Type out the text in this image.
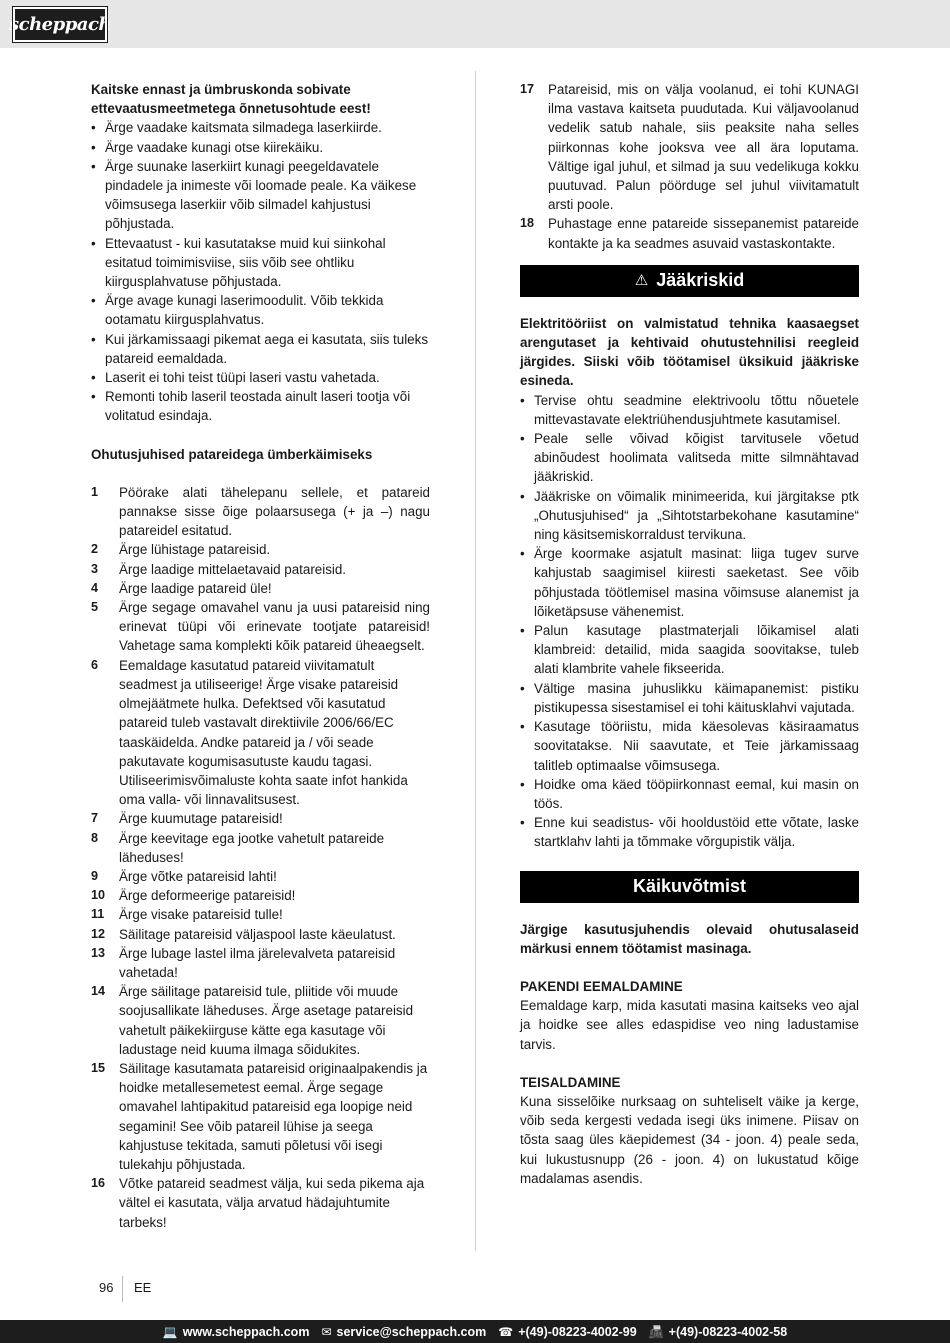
scheppach

Kaitske ennast ja ümbruskonda sobivate ettevaatusmeetmetega õnnetusohtude eest!

• Ärge vaadake kaitsmata silmadega laserkiirde.
• Ärge vaadake kunagi otse kiirekäiku.
• Ärge suunake laserkiirt kunagi peegeldavatele pindadele ja inimeste või loomade peale. Ka väikese võimsusega laserkiir võib silmadel kahjustusi põhjustada.
• Ettevaatust - kui kasutatakse muid kui siinkohal esitatud toimimisviise, siis võib see ohtliku kiirgusplahvatuse põhjustada.
• Ärge avage kunagi laserimoodulit. Võib tekkida ootamatu kiirgusplahvatus.
• Kui järkamissaagi pikemat aega ei kasutata, siis tuleks patareid eemaldada.
• Laserit ei tohi teist tüüpi laseri vastu vahetada.
• Remonti tohib laseril teostada ainult laseri tootja või volitatud esindaja.

Ohutusjuhised patareidega ümberkäimiseks

1	Pöörake alati tähelepanu sellele, et patareid pannakse sisse õige polaarsusega (+ ja –) nagu patareidel esitatud.
2	Ärge lühistage patareisid.
3	Ärge laadige mittelaetavaid patareisid.
4	Ärge laadige patareid üle!
5	Ärge segage omavahel vanu ja uusi patareisid ning erinevat tüüpi või erinevate tootjate patareisid! Vahetage sama komplekti kõik patareid üheaegselt.
6	Eemaldage kasutatud patareid viivitamatult seadmest ja utiliseerige! Ärge visake patareisid olmejäätmete hulka. Defektsed või kasutatud patareid tuleb vastavalt direktiivile 2006/66/EC taaskäidelda. Andke patareid ja / või seade pakutavate kogumisasutuste kaudu tagasi. Utiliseerimisvõimaluste kohta saate infot hankida oma valla- või linnavalitsusest.
7	Ärge kuumutage patareisid!
8	Ärge keevitage ega jootke vahetult patareide läheduses!
9	Ärge võtke patareisid lahti!
10	Ärge deformeerige patareisid!
11	Ärge visake patareisid tulle!
12	Säilitage patareisid väljaspool laste käeulatust.
13	Ärge lubage lastel ilma järelevalveta patareisid vahetada!
14	Ärge säilitage patareisid tule, pliitide või muude soojusallikate läheduses. Ärge asetage patareisid vahetult päikekiirguse kätte ega kasutage või ladustage neid kuuma ilmaga sõidukites.
15	Säilitage kasutamata patareisid originaalpakendis ja hoidke metallesemetest eemal. Ärge segage omavahel lahtipakitud patareisid ega loopige neid segamini! See võib patareil lühise ja seega kahjustuse tekitada, samuti põletusi või isegi tulekahju põhjustada.
16	Võtke patareid seadmest välja, kui seda pikema aja vältel ei kasutata, välja arvatud hädajuhtumite tarbeks!
17	Patareisid, mis on välja voolanud, ei tohi KUNAGI ilma vastava kaitseta puudutada. Kui väljavoolanud vedelik satub nahale, siis peaksite naha selles piirkonnas kohe jooksva vee all ära loputama. Vältige igal juhul, et silmad ja suu vedelikuga kokku puutuvad. Palun pöörduge sel juhul viivitamatult arsti poole.
18	Puhastage enne patareide sissepanemist patareide kontakte ja ka seadmes asuvaid vastaskontakte.
⚠ Jääkriskid

Elektritööriist on valmistatud tehnika kaasaegset arengutaset ja kehtivaid ohutustehnilisi reegleid järgides. Siiski võib töötamisel üksikuid jääkriske esineda.

• Tervise ohtu seadmine elektrivoolu tõttu nõuetele mittevastavate elektriühendusjuhtmete kasutamisel.
• Peale selle võivad kõigist tarvitusele võetud abinõudest hoolimata valitseda mitte silmnähtavad jääkriskid.
• Jääkriske on võimalik minimeerida, kui järgitakse ptk „Ohutusjuhised“ ja „Sihtotstarbekohane kasutamine“ ning käsitsemiskorraldust tervikuna.
• Ärge koormake asjatult masinat: liiga tugev surve kahjustab saagimisel kiiresti saeketast. See võib põhjustada töötlemisel masina võimsuse alanemist ja lõiketäpsuse vähenemist.
• Palun kasutage plastmaterjali lõikamisel alati klambreid: detailid, mida saagida soovitakse, tuleb alati klambrite vahele fikseerida.
• Vältige masina juhuslikku käimapanemist: pistiku pistikupessa sisestamisel ei tohi käitusklahvi vajutada.
• Kasutage tööriistu, mida käesolevas käsiraamatus soovitatakse. Nii saavutate, et Teie järkamissaag talitleb optimaalse võimsusega.
• Hoidke oma käed tööpiirkonnast eemal, kui masin on töös.
• Enne kui seadistus- või hooldustöid ette võtate, laske startklahv lahti ja tõmmake võrgupistik välja.
Käikuvõtmist

Järgige kasutusjuhendis olevaid ohutusalaseid märkusi ennem töötamist masinaga.

PAKENDI EEMALDAMINE

Eemaldage karp, mida kasutati masina kaitseks veo ajal ja hoidke see alles edaspidise veo ning ladustamise tarvis.

TEISALDAMINE

Kuna sisselõike nurksaag on suhteliselt väike ja kerge, võib seda kergesti vedada isegi üks inimene. Piisav on tõsta saag üles käepidemest (34 - joon. 4) peale seda, kui lukustusnupp (26 - joon. 4) on lukustatud kõige madalamas asendis.

96 EE
💻 www.scheppach.com ✉ service@scheppach.com ☎ +(49)-08223-4002-99 📠 +(49)-08223-4002-58
